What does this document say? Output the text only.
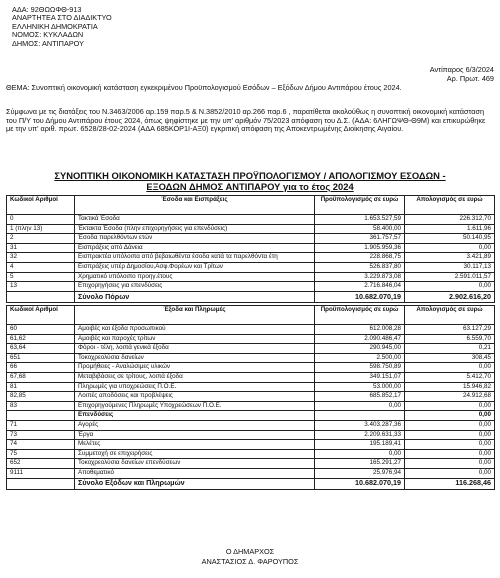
ΑΔΑ: 92ΘΩΩΦΘ-913
ΑΝΑΡΤΗΤΕΑ ΣΤΟ ΔΙΑΔΙΚΤΥΟ
ΕΛΛΗΝΙΚΗ ΔΗΜΟΚΡΑΤΙΑ
ΝΟΜΟΣ: ΚΥΚΛΑΔΩΝ
ΔΗΜΟΣ: ΑΝΤΙΠΑΡΟΥ
Αντίπαρος 6/3/2024
Αρ. Πρωτ. 469
ΘΕΜΑ: Συνοπτική οικονομική κατάσταση εγκεκριμένου Προϋπολογισμού Εσόδων – Εξόδων Δήμου Αντιπάρου έτους 2024.
Σύμφωνα με τις διατάξεις του Ν.3463/2006 αρ.159 παρ.5 & Ν.3852/2010 αρ.266 παρ.6 , παρατίθεται ακολούθως η συνοπτική οικονομική κατάσταση του Π/Υ του Δήμου Αντιπάρου έτους 2024, όπως ψηφίστηκε με την υπ' αριθμόν 75/2023 απόφαση του Δ.Σ. (ΑΔΑ: 6ΛΗΓΩΨΘ-Θ9Μ) και επικυρώθηκε με την υπ' αριθ. πρωτ. 6528/28-02-2024 (ΑΔΑ 685ΚΟΡ1Ι-ΑΞ0) εγκριτική απόφαση της Αποκεντρωμένης Διοίκησης Αιγαίου.
ΣΥΝΟΠΤΙΚΗ ΟΙΚΟΝΟΜΙΚΗ ΚΑΤΑΣΤΑΣΗ ΠΡΟΫΠΟΛΟΓΙΣΜΟΥ / ΑΠΟΛΟΓΙΣΜΟΥ ΕΣΟΔΩΝ -
ΕΞΟΔΩΝ ΔΗΜΟΣ ΑΝΤΙΠΑΡΟΥ για το έτος 2024
Κωδικοί Αριθμοί	Έσοδα και Εισπράξεις	Προϋπολογισμός σε ευρώ	Απολογισμός σε ευρώ
0	Τακτικά Έσοδα	1.653.527,59	226.312,70
1 (πλην 13)	Έκτακτα Έσοδα (πλην επιχορηγήσεις για επενδύσεις)	58.400,00	1.611,96
2	Έσοδα παρελθόντων ετών	361.757,57	50.140,95
31	Εισπράξεις από Δάνεια	1.905.959,36	0,00
32	Εισπρακτέα υπόλοιπα από βεβαιωθέντα έσοδα κατά τα παρελθόντα έτη	228.868,75	3.421,89
4	Εισπράξεις υπέρ Δημοσίου,Ασφ.Φορέων και Τρίτων	526.837,80	30.117,13
5	Χρηματικό υπόλοιπο προηγ.έτους	3.229.873,08	2.591.011,57
13	Επιχορηγήσεις για επενδύσεις	2.716.846,04	0,00
	Σύνολο Πόρων	10.682.070,19	2.902.616,20
Κωδικοί Αριθμοί	Έξοδα και Πληρωμές	Προϋπολογισμός σε ευρώ	Απολογισμός σε ευρώ
60	Αμοιβές και έξοδα προσωπικού	612.008,28	63.127,29
61,62	Αμοιβές και παροχές τρίτων	2.090.486,47	6.559,70
63,64	Φόροι - τέλη, λοιπά γενικά έξοδα	290.945,00	0,21
651	Τοκοχρεολύσια δανείων	2.500,00	308,45
66	Προμήθειες - Αναλώσιμες υλικών	598.750,89	0,00
67,68	Μεταβιβάσεις σε τρίτους, λοιπά έξοδα	349.151,07	5.412,70
81	Πληρωμές για υποχρεώσεις Π.Ο.Ε.	53.000,00	15.946,82
82,85	Λοιπές αποδόσεις και προβλέψεις	685.852,17	24.912,68
83	Επιχορηγούμενες Πληρωμές Υποχρεώσεων Π.Ο.Ε.	0,00	0,00
	Επενδύσεις		0,00
71	Αγορές	3.403.287,36	0,00
73	Έργα	2.209.631,33	0,00
74	Μελέτες	195.189,41	0,00
75	Συμμετοχή σε επιχειρήσεις	0,00	0,00
652	Τοκοχρεολύσια δανείων επενδύσεων	165.291,27	0,00
9111	Αποθεματικό	25.976,94	0,00
	Σύνολο Εξόδων και Πληρωμών	10.682.070,19	116.268,46
Ο ΔΗΜΑΡΧΟΣ
ΑΝΑΣΤΑΣΙΟΣ Δ. ΦΑΡΟΥΠΟΣ
